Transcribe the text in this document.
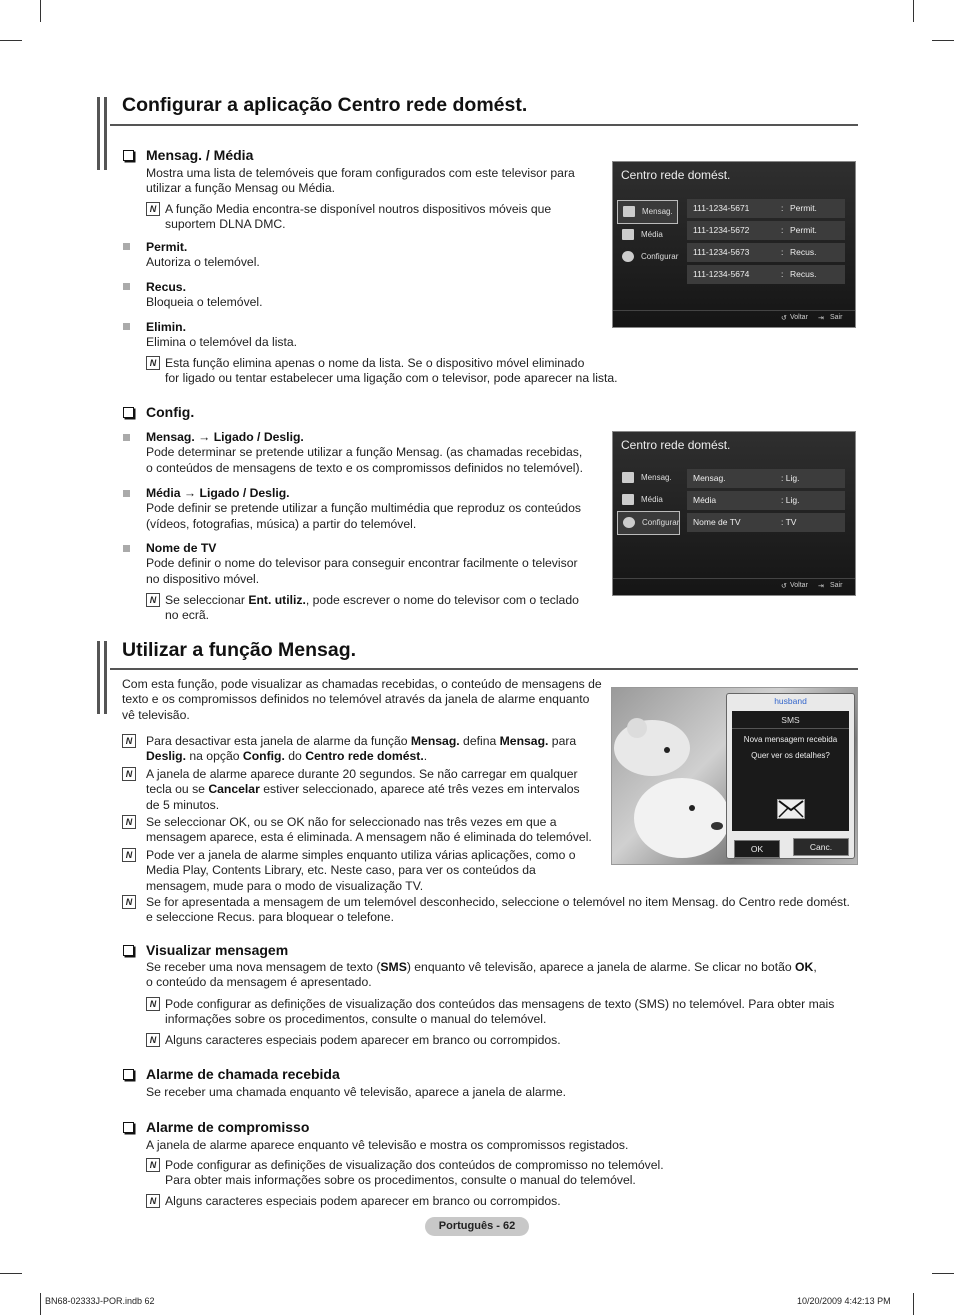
Configurar a aplicação Centro rede domést.
Mensag. / Média
Mostra uma lista de telemóveis que foram configurados com este televisor para
utilizar a função Mensag ou Média.
N A função Media encontra-se disponível noutros dispositivos móveis que
suportem DLNA DMC.
Permit.
Autoriza o telemóvel.
Recus.
Bloqueia o telemóvel.
Elimin.
Elimina o telemóvel da lista.
N Esta função elimina apenas o nome da lista. Se o dispositivo móvel eliminado
for ligado ou tentar estabelecer uma ligação com o televisor, pode aparecer na lista.
Centro rede domést.
Mensag.
Média
Configurar
111-1234-5671	: Permit.
111-1234-5672	: Permit.
111-1234-5673	: Recus.
111-1234-5674	: Recus.
↺ Voltar ⇥ Sair
Config.
Mensag. → Ligado / Deslig.
Pode determinar se pretende utilizar a função Mensag. (as chamadas recebidas,
o conteúdos de mensagens de texto e os compromissos definidos no telemóvel).
Média → Ligado / Deslig.
Pode definir se pretende utilizar a função multimédia que reproduz os conteúdos
(vídeos, fotografias, música) a partir do telemóvel.
Nome de TV
Pode definir o nome do televisor para conseguir encontrar facilmente o televisor
no dispositivo móvel.
N Se seleccionar Ent. utiliz., pode escrever o nome do televisor com o teclado
no ecrã.
Centro rede domést.
Mensag.
Média
Configurar
Mensag.	: Lig.
Média	: Lig.
Nome de TV	: TV
↺ Voltar ⇥ Sair
Utilizar a função Mensag.
Com esta função, pode visualizar as chamadas recebidas, o conteúdo de mensagens de
texto e os compromissos definidos no telemóvel através da janela de alarme enquanto
vê televisão.
N	Para desactivar esta janela de alarme da função Mensag. defina Mensag. para
Deslig. na opção Config. do Centro rede domést..
N	A janela de alarme aparece durante 20 segundos. Se não carregar em qualquer
tecla ou se Cancelar estiver seleccionado, aparece até três vezes em intervalos
de 5 minutos.
N	Se seleccionar OK, ou se OK não for seleccionado nas três vezes em que a
mensagem aparece, esta é eliminada. A mensagem não é eliminada do telemóvel.
N	Pode ver a janela de alarme simples enquanto utiliza várias aplicações, como o
Media Play, Contents Library, etc. Neste caso, para ver os conteúdos da
mensagem, mude para o modo de visualização TV.
N	Se for apresentada a mensagem de um telemóvel desconhecido, seleccione o telemóvel no item Mensag. do Centro rede domést.
e seleccione Recus. para bloquear o telefone.
husband
SMS
Nova mensagem recebida
Quer ver os detalhes?
OK	Canc.
Visualizar mensagem
Se receber uma nova mensagem de texto (SMS) enquanto vê televisão, aparece a janela de alarme. Se clicar no botão OK,
o conteúdo da mensagem é apresentado.
N Pode configurar as definições de visualização dos conteúdos das mensagens de texto (SMS) no telemóvel. Para obter mais
informações sobre os procedimentos, consulte o manual do telemóvel.
N Alguns caracteres especiais podem aparecer em branco ou corrompidos.
Alarme de chamada recebida
Se receber uma chamada enquanto vê televisão, aparece a janela de alarme.
Alarme de compromisso
A janela de alarme aparece enquanto vê televisão e mostra os compromissos registados.
N Pode configurar as definições de visualização dos conteúdos de compromisso no telemóvel.
Para obter mais informações sobre os procedimentos, consulte o manual do telemóvel.
N Alguns caracteres especiais podem aparecer em branco ou corrompidos.
Português - 62
BN68-02333J-POR.indb 62	10/20/2009 4:42:13 PM
